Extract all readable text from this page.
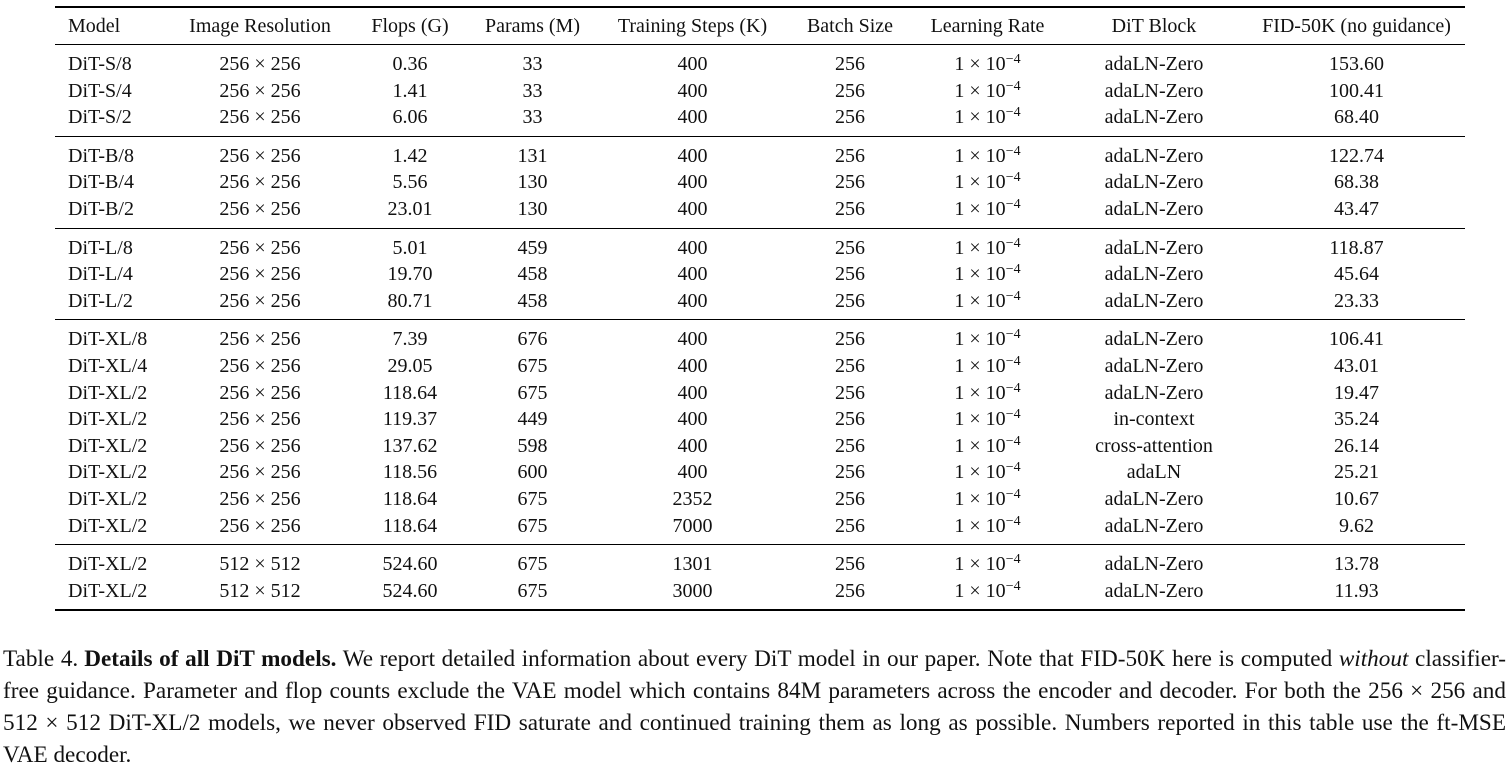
Model	Image Resolution	Flops (G)	Params (M)	Training Steps (K)	Batch Size	Learning Rate	DiT Block	FID-50K (no guidance)
DiT-S/8	256 × 256	0.36	33	400	256	$1 \times 10^{-4}$	adaLN-Zero	153.60
DiT-S/4	256 × 256	1.41	33	400	256	$1 \times 10^{-4}$	adaLN-Zero	100.41
DiT-S/2	256 × 256	6.06	33	400	256	$1 \times 10^{-4}$	adaLN-Zero	68.40
DiT-B/8	256 × 256	1.42	131	400	256	$1 \times 10^{-4}$	adaLN-Zero	122.74
DiT-B/4	256 × 256	5.56	130	400	256	$1 \times 10^{-4}$	adaLN-Zero	68.38
DiT-B/2	256 × 256	23.01	130	400	256	$1 \times 10^{-4}$	adaLN-Zero	43.47
DiT-L/8	256 × 256	5.01	459	400	256	$1 \times 10^{-4}$	adaLN-Zero	118.87
DiT-L/4	256 × 256	19.70	458	400	256	$1 \times 10^{-4}$	adaLN-Zero	45.64
DiT-L/2	256 × 256	80.71	458	400	256	$1 \times 10^{-4}$	adaLN-Zero	23.33
DiT-XL/8	256 × 256	7.39	676	400	256	$1 \times 10^{-4}$	adaLN-Zero	106.41
DiT-XL/4	256 × 256	29.05	675	400	256	$1 \times 10^{-4}$	adaLN-Zero	43.01
DiT-XL/2	256 × 256	118.64	675	400	256	$1 \times 10^{-4}$	adaLN-Zero	19.47
DiT-XL/2	256 × 256	119.37	449	400	256	$1 \times 10^{-4}$	in-context	35.24
DiT-XL/2	256 × 256	137.62	598	400	256	$1 \times 10^{-4}$	cross-attention	26.14
DiT-XL/2	256 × 256	118.56	600	400	256	$1 \times 10^{-4}$	adaLN	25.21
DiT-XL/2	256 × 256	118.64	675	2352	256	$1 \times 10^{-4}$	adaLN-Zero	10.67
DiT-XL/2	256 × 256	118.64	675	7000	256	$1 \times 10^{-4}$	adaLN-Zero	9.62
DiT-XL/2	512 × 512	524.60	675	1301	256	$1 \times 10^{-4}$	adaLN-Zero	13.78
DiT-XL/2	512 × 512	524.60	675	3000	256	$1 \times 10^{-4}$	adaLN-Zero	11.93
Table 4. Details of all DiT models. We report detailed information about every DiT model in our paper. Note that FID-50K here is computed without classifier-free guidance. Parameter and flop counts exclude the VAE model which contains 84M parameters across the encoder and decoder. For both the 256 × 256 and 512 × 512 DiT-XL/2 models, we never observed FID saturate and continued training them as long as possible. Numbers reported in this table use the ft-MSE VAE decoder.
